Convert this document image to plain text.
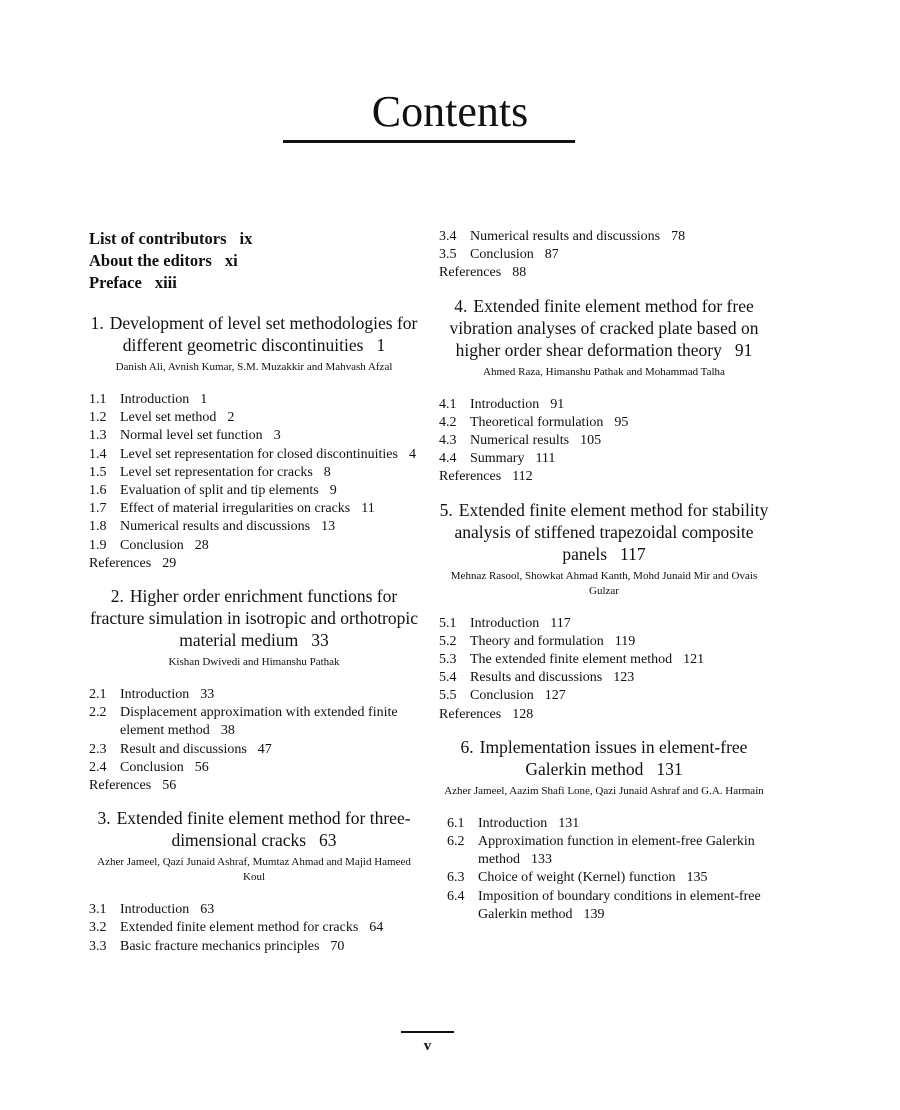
Contents
List of contributors ix
About the editors xi
Preface xiii
1. Development of level set methodologies for different geometric discontinuities 1
Danish Ali, Avnish Kumar, S.M. Muzakkir and Mahvash Afzal
1.1 Introduction 1
1.2 Level set method 2
1.3 Normal level set function 3
1.4 Level set representation for closed discontinuities 4
1.5 Level set representation for cracks 8
1.6 Evaluation of split and tip elements 9
1.7 Effect of material irregularities on cracks 11
1.8 Numerical results and discussions 13
1.9 Conclusion 28
References 29
2. Higher order enrichment functions for fracture simulation in isotropic and orthotropic material medium 33
Kishan Dwivedi and Himanshu Pathak
2.1 Introduction 33
2.2 Displacement approximation with extended finite element method 38
2.3 Result and discussions 47
2.4 Conclusion 56
References 56
3. Extended finite element method for three-dimensional cracks 63
Azher Jameel, Qazi Junaid Ashraf, Mumtaz Ahmad and Majid Hameed Koul
3.1 Introduction 63
3.2 Extended finite element method for cracks 64
3.3 Basic fracture mechanics principles 70
3.4 Numerical results and discussions 78
3.5 Conclusion 87
References 88
4. Extended finite element method for free vibration analyses of cracked plate based on higher order shear deformation theory 91
Ahmed Raza, Himanshu Pathak and Mohammad Talha
4.1 Introduction 91
4.2 Theoretical formulation 95
4.3 Numerical results 105
4.4 Summary 111
References 112
5. Extended finite element method for stability analysis of stiffened trapezoidal composite panels 117
Mehnaz Rasool, Showkat Ahmad Kanth, Mohd Junaid Mir and Ovais Gulzar
5.1 Introduction 117
5.2 Theory and formulation 119
5.3 The extended finite element method 121
5.4 Results and discussions 123
5.5 Conclusion 127
References 128
6. Implementation issues in element-free Galerkin method 131
Azher Jameel, Aazim Shafi Lone, Qazi Junaid Ashraf and G.A. Harmain
6.1 Introduction 131
6.2 Approximation function in element-free Galerkin method 133
6.3 Choice of weight (Kernel) function 135
6.4 Imposition of boundary conditions in element-free Galerkin method 139
v
